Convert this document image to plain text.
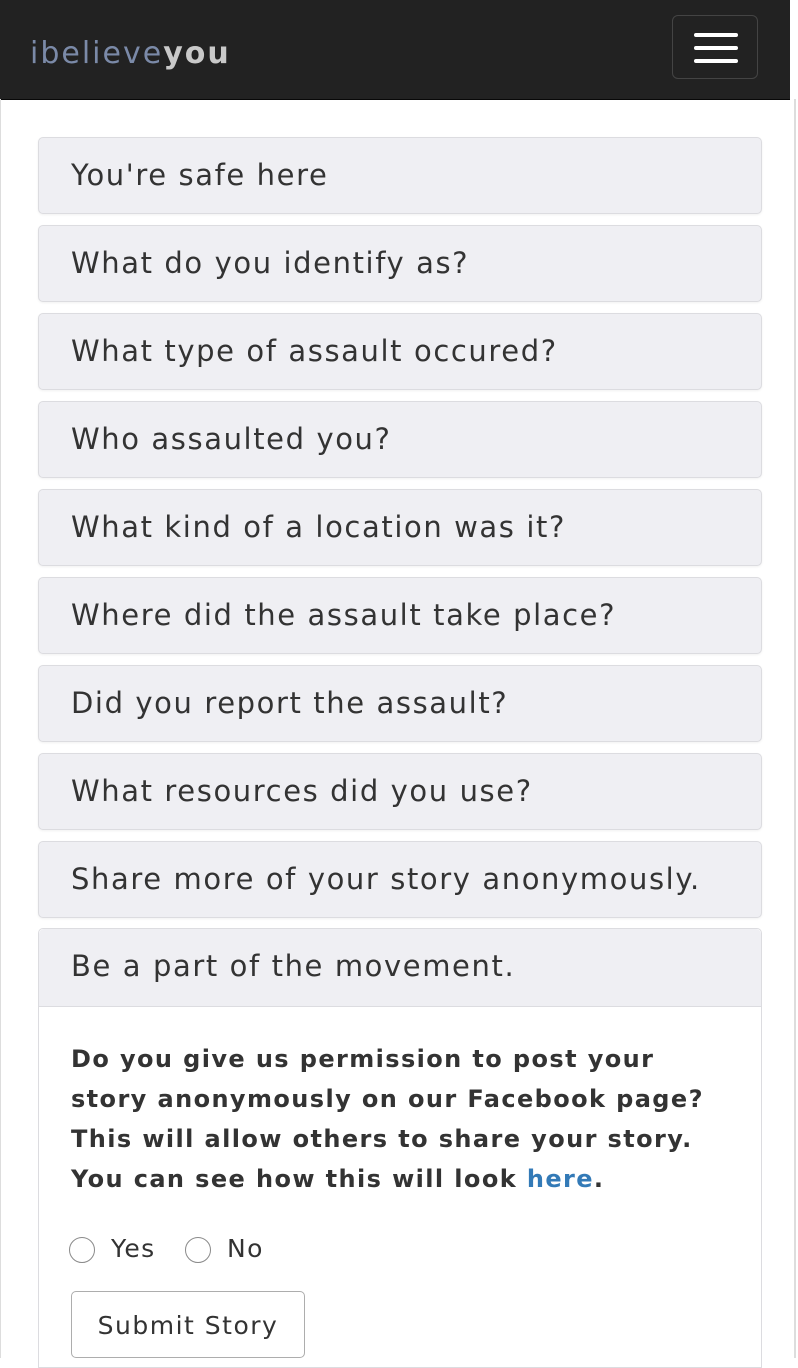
ibelieveyou
You're safe here
What do you identify as?
What type of assault occured?
Who assaulted you?
What kind of a location was it?
Where did the assault take place?
Did you report the assault?
What resources did you use?
Share more of your story anonymously.
Be a part of the movement.
Do you give us permission to post your story anonymously on our Facebook page? This will allow others to share your story. You can see how this will look here.
Yes	No
Submit Story
